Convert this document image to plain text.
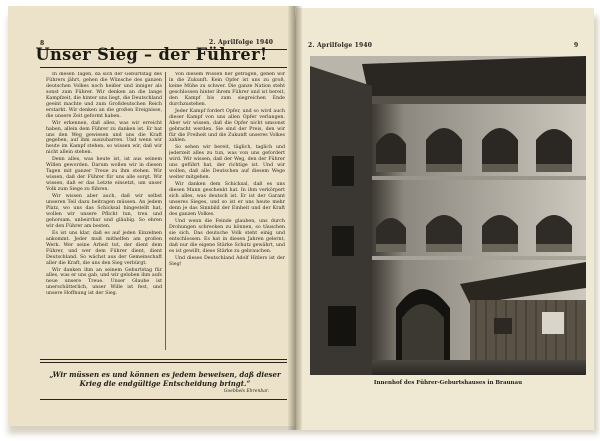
8	2. Aprilfolge 1940
Unser Sieg – der Führer!

In diesen Tagen, da sich der Geburtstag des Führers jährt, gehen die Wünsche des ganzen deutschen Volkes noch heißer und inniger als sonst zum Führer. Wir denken an die lange Kampfzeit, die hinter uns liegt, die Deutschland geeint machte und zum Großdeutschen Reich erstarkt. Wir denken an die großen Ereignisse, die unsere Zeit geformt haben.

Wir erkennen, daß alles, was wir erreicht haben, allein dem Führer zu danken ist. Er hat uns den Weg gewiesen und uns die Kraft gegeben, auf ihm auszuharren. Und wenn wir heute im Kampf stehen, so wissen wir, daß wir nicht allein stehen.

Denn alles, was heute ist, ist aus seinem Willen geworden. Darum wollen wir in diesen Tagen mit ganzer Treue zu ihm stehen. Wir wissen, daß der Führer für uns alle sorgt. Wir wissen, daß er das Letzte einsetzt, um unser Volk zum Siege zu führen.

Wir wissen aber auch, daß wir selbst unseren Teil dazu beitragen müssen. An jedem Platz, wo uns das Schicksal hingestellt hat, wollen wir unsere Pflicht tun, treu und gehorsam, unbeirrbar und gläubig. So ehren wir den Führer am besten.

Es ist uns klar, daß es auf jeden Einzelnen ankommt. Jeder muß mithelfen am großen Werk. Wer seine Arbeit tut, der dient dem Führer, und wer dem Führer dient, dient Deutschland. So wächst aus der Gemeinschaft aller die Kraft, die uns den Sieg verbürgt.

Wir danken ihm an seinem Geburtstag für alles, was er uns gab, und wir geloben ihm aufs neue unsere Treue. Unser Glaube ist unerschütterlich, unser Wille ist fest, und unsere Hoffnung ist der Sieg.

Von diesem Wissen her getragen, gehen wir in die Zukunft. Kein Opfer ist uns zu groß, keine Mühe zu schwer. Die ganze Nation steht geschlossen hinter ihrem Führer und ist bereit, den Kampf bis zum siegreichen Ende durchzustehen.

Jeder Kampf fordert Opfer, und so wird auch dieser Kampf von uns allen Opfer verlangen. Aber wir wissen, daß die Opfer nicht umsonst gebracht werden. Sie sind der Preis, den wir für die Freiheit und die Zukunft unseres Volkes zahlen.

So sehen wir bereit, täglich, taglich und jederzeit alles zu tun, was von uns gefordert wird. Wir wissen, daß der Weg, den der Führer uns geführt hat, der richtige ist. Und wir wollen, daß alle Deutschen auf diesem Wege weiter mitgehen.

Wir danken dem Schicksal, daß es uns diesen Mann geschenkt hat. In ihm verkörpert sich alles, was deutsch ist. Er ist der Garant unseres Sieges, und so ist er uns heute mehr denn je das Sinnbild der Einheit und der Kraft des ganzen Volkes.

Und wenn die Feinde glauben, uns durch Drohungen schrecken zu können, so täuschen sie sich. Das deutsche Volk steht einig und entschlossen. Es hat in diesen Jahren gelernt, daß nur die eigene Stärke Schutz gewährt, und es ist gewillt, diese Stärke zu gebrauchen.

Und dieses Deutschland Adolf Hitlers ist der Sieg!

„Wir müssen es und können es jedem beweisen, daß dieser Krieg die endgültige Entscheidung bringt.“
Goebbels Ehrenbar.
2. Aprilfolge 1940	9
Innenhof des Führer-Geburtshauses in Braunau
